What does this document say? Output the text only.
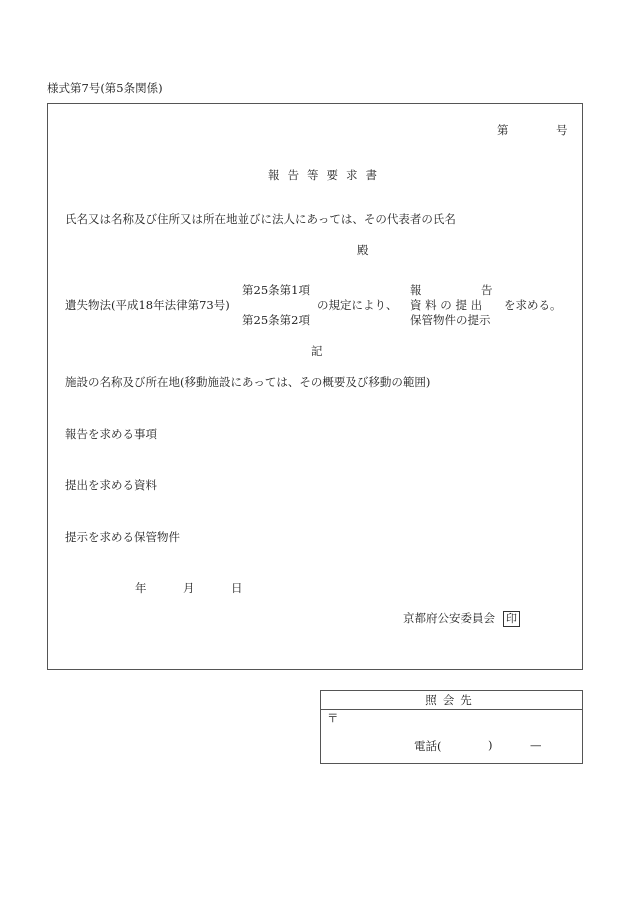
様式第7号(第5条関係)
第	号
報告等要求書
氏名又は名称及び住所又は所在地並びに法人にあっては、その代表者の氏名
殿
第25条第1項	報	告
遺失物法(平成18年法律第73号)	の規定により、 資 料 の 提 出 を求める。
第25条第2項	保管物件の提示
記
施設の名称及び所在地(移動施設にあっては、その概要及び移動の範囲)
報告を求める事項
提出を求める資料
提示を求める保管物件
年	月	日
京都府公安委員会 印
照会先
〒
電話(	)	—
